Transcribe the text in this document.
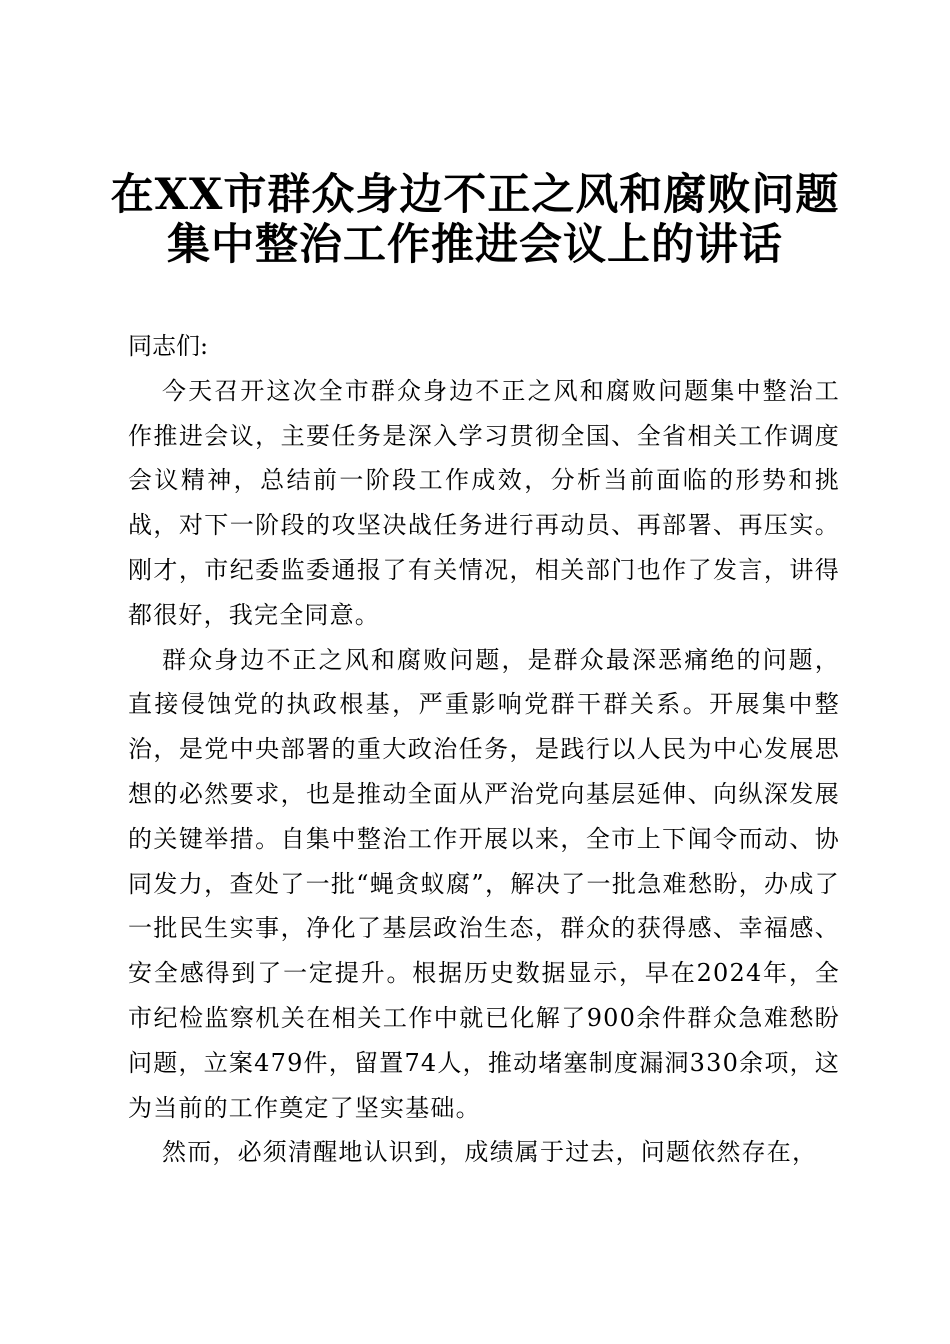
在XX市群众身边不正之风和腐败问题
集中整治工作推进会议上的讲话

同志们:

今天召开这次全市群众身边不正之风和腐败问题集中整治工作推进会议，主要任务是深入学习贯彻全国、全省相关工作调度会议精神，总结前一阶段工作成效，分析当前面临的形势和挑战，对下一阶段的攻坚决战任务进行再动员、再部署、再压实。刚才，市纪委监委通报了有关情况，相关部门也作了发言，讲得都很好，我完全同意。

群众身边不正之风和腐败问题，是群众最深恶痛绝的问题，直接侵蚀党的执政根基，严重影响党群干群关系。开展集中整治，是党中央部署的重大政治任务，是践行以人民为中心发展思想的必然要求，也是推动全面从严治党向基层延伸、向纵深发展的关键举措。自集中整治工作开展以来，全市上下闻令而动、协同发力，查处了一批“蝇贪蚁腐”，解决了一批急难愁盼，办成了一批民生实事，净化了基层政治生态，群众的获得感、幸福感、安全感得到了一定提升。根据历史数据显示，早在2024年，全市纪检监察机关在相关工作中就已化解了900余件群众急难愁盼问题，立案479件，留置74人，推动堵塞制度漏洞330余项，这为当前的工作奠定了坚实基础。

然而，必须清醒地认识到，成绩属于过去，问题依然存在，
